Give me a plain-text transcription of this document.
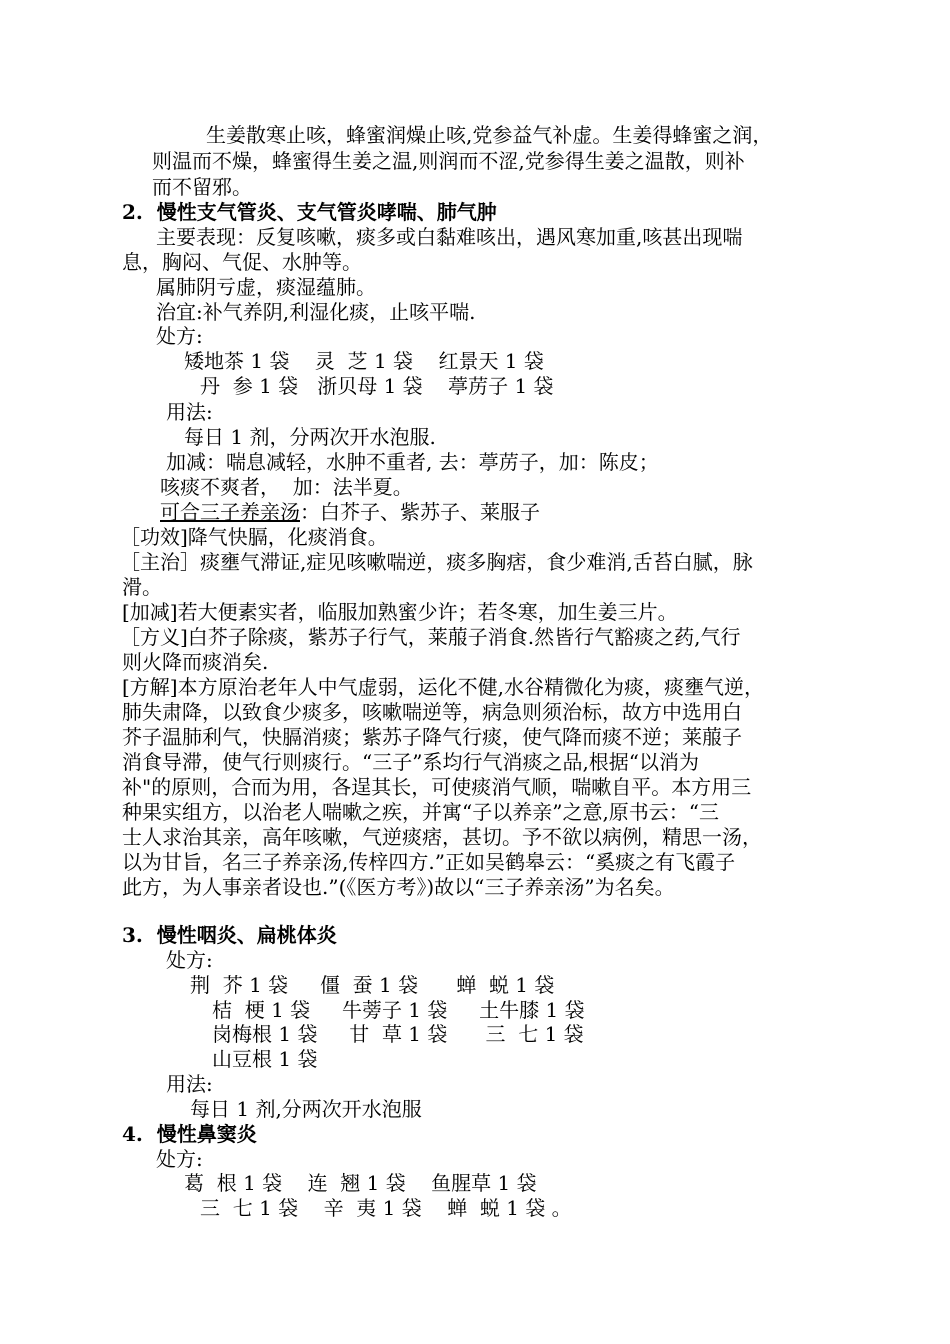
生姜散寒止咳，蜂蜜润燥止咳,党参益气补虚。生姜得蜂蜜之润，
则温而不燥，蜂蜜得生姜之温,则润而不涩,党参得生姜之温散，则补
而不留邪。
2.  慢性支气管炎、支气管炎哮喘、肺气肿
主要表现：反复咳嗽，痰多或白黏难咳出，遇风寒加重,咳甚出现喘
息，胸闷、气促、水肿等。
属肺阴亏虚，痰湿蕴肺。
治宜:补气养阴,利湿化痰，止咳平喘.
处方:
矮地茶 1 袋    灵  芝 1 袋    红景天 1 袋
丹  参 1 袋   浙贝母 1 袋    葶苈子 1 袋
用法:
每日 1 剂，分两次开水泡服.
加减：喘息减轻，水肿不重者, 去：葶苈子，加：陈皮；
咳痰不爽者，  加：法半夏。
可合三子养亲汤：白芥子、紫苏子、莱服子
［功效]降气快膈，化痰消食。
［主治］痰壅气滞证,症见咳嗽喘逆，痰多胸痞，食少难消,舌苔白腻，脉
滑。
[加减]若大便素实者，临服加熟蜜少许；若冬寒，加生姜三片。
［方义]白芥子除痰，紫苏子行气，莱菔子消食.然皆行气豁痰之药,气行
则火降而痰消矣.
[方解]本方原治老年人中气虚弱，运化不健,水谷精微化为痰，痰壅气逆，
肺失肃降，以致食少痰多，咳嗽喘逆等，病急则须治标，故方中选用白
芥子温肺利气，快膈消痰；紫苏子降气行痰，使气降而痰不逆；莱菔子
消食导滞，使气行则痰行。“三子”系均行气消痰之品,根据“以消为
补"的原则，合而为用，各逞其长，可使痰消气顺，喘嗽自平。本方用三
种果实组方，以治老人喘嗽之疾，并寓“子以养亲”之意,原书云：“三
士人求治其亲，高年咳嗽，气逆痰痞，甚切。予不欲以病例，精思一汤，
以为甘旨，名三子养亲汤,传梓四方.”正如吴鹤皋云：“奚痰之有飞霞子
此方，为人事亲者设也.”(《医方考》)故以“三子养亲汤”为名矣。
3.  慢性咽炎、扁桃体炎
处方:
荆  芥 1 袋     僵  蚕 1 袋      蝉  蜕 1 袋
桔  梗 1 袋     牛蒡子 1 袋     土牛膝 1 袋
岗梅根 1 袋     甘  草 1 袋      三  七 1 袋
山豆根 1 袋
用法:
每日 1 剂,分两次开水泡服
4.  慢性鼻窦炎
处方:
葛  根 1 袋    连  翘 1 袋    鱼腥草 1 袋
三  七 1 袋    辛  夷 1 袋    蝉  蜕 1 袋 。
